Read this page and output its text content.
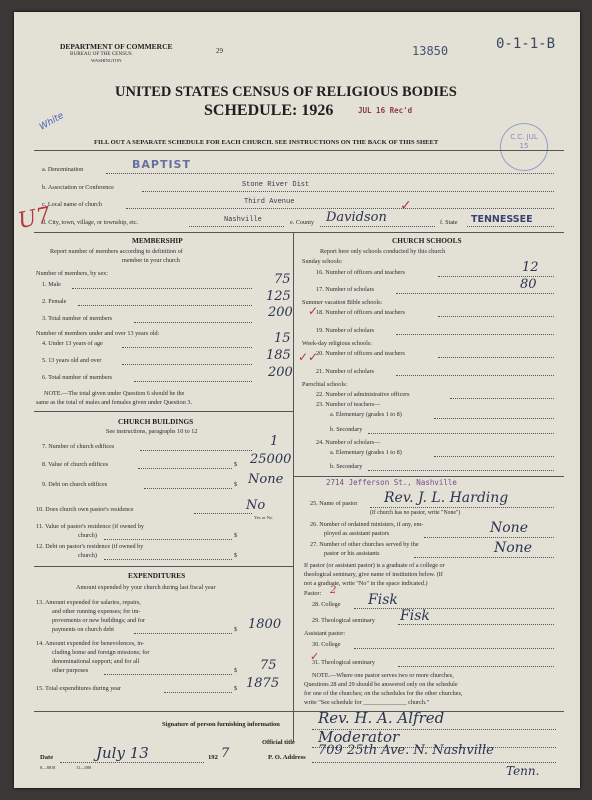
DEPARTMENT OF COMMERCE
BUREAU OF THE CENSUS
WASHINGTON
29	13850	0-1-1-B
White
UNITED STATES CENSUS OF RELIGIOUS BODIES
SCHEDULE: 1926	JUL 16 Rec'd
C.C. JUL 15
FILL OUT A SEPARATE SCHEDULE FOR EACH CHURCH. SEE INSTRUCTIONS ON THE BACK OF THIS SHEET
a. Denomination	BAPTIST
b. Association or Conference	Stone River Dist
c. Local name of church	Third Avenue
d. City, town, village, or township, etc.	Nashville	e. County Davidson	f. State TENNESSEE
U7	✓
MEMBERSHIP
Report number of members according to definition of
member in your church
Number of members, by sex:
1. Male	75
2. Female	125
3. Total number of members	200 ✓
Number of members under and over 13 years old:
4. Under 13 years of age	15
5. 13 years old and over	185 ✓✓
6. Total number of members	200
NOTE.—The total given under Question 6 should be the
same as the total of males and females given under Question 3.
CHURCH BUILDINGS
See instructions, paragraphs 10 to 12
7. Number of church edifices	1
8. Value of church edifices	$ 25000
9. Debt on church edifices	$ None
10. Does church own pastor's residence	No
Yes or No
11. Value of pastor's residence (if owned by
church)	$
12. Debt on pastor's residence (if owned by
church)	$
EXPENDITURES
Amount expended by your church during last fiscal year
13. Amount expended for salaries, repairs,
and other running expenses; for im-
provements or new buildings; and for
payments on church debt	$ 1800
14. Amount expended for benevolences, in-
cluding home and foreign missions; for
denominational support; and for all
other purposes	$ 75
15. Total expenditures during year	$ 1875
CHURCH SCHOOLS
Report here only schools conducted by this church
Sunday schools:
16. Number of officers and teachers	12
17. Number of scholars	80
Summer vacation Bible schools:
18. Number of officers and teachers
19. Number of scholars
Week-day religious schools:
20. Number of officers and teachers
21. Number of scholars
Parochial schools:
22. Number of administrative officers
23. Number of teachers—
a. Elementary (grades 1 to 8)
b. Secondary
24. Number of scholars—
a. Elementary (grades 1 to 8)
b. Secondary
2714 Jefferson St., Nashville
25. Name of pastor Rev. J. L. Harding
(If church has no pastor, write "None")
26. Number of ordained ministers, if any, em-
ployed as assistant pastors	None
27. Number of other churches served by the
pastor or his assistants	None
If pastor (or assistant pastor) is a graduate of a college or
theological seminary, give name of institution below. (If
not a graduate, write "No" in the space indicated.)
Pastor: 2
28. College Fisk
29. Theological seminary Fisk
Assistant pastor:
30. College
✓
31. Theological seminary
NOTE.—Where one pastor serves two or more churches,
Questions 28 and 29 should be answered only on the schedule
for one of the churches; on the schedules for the other churches,
write "See schedule for ______________ church."
Signature of person furnishing information	Rev. H. A. Alfred
Official title Moderator
Date	July 13	192 7	P. O. Address 709 25th Ave. N. Nashville
Tenn.
8—8818	11—000
